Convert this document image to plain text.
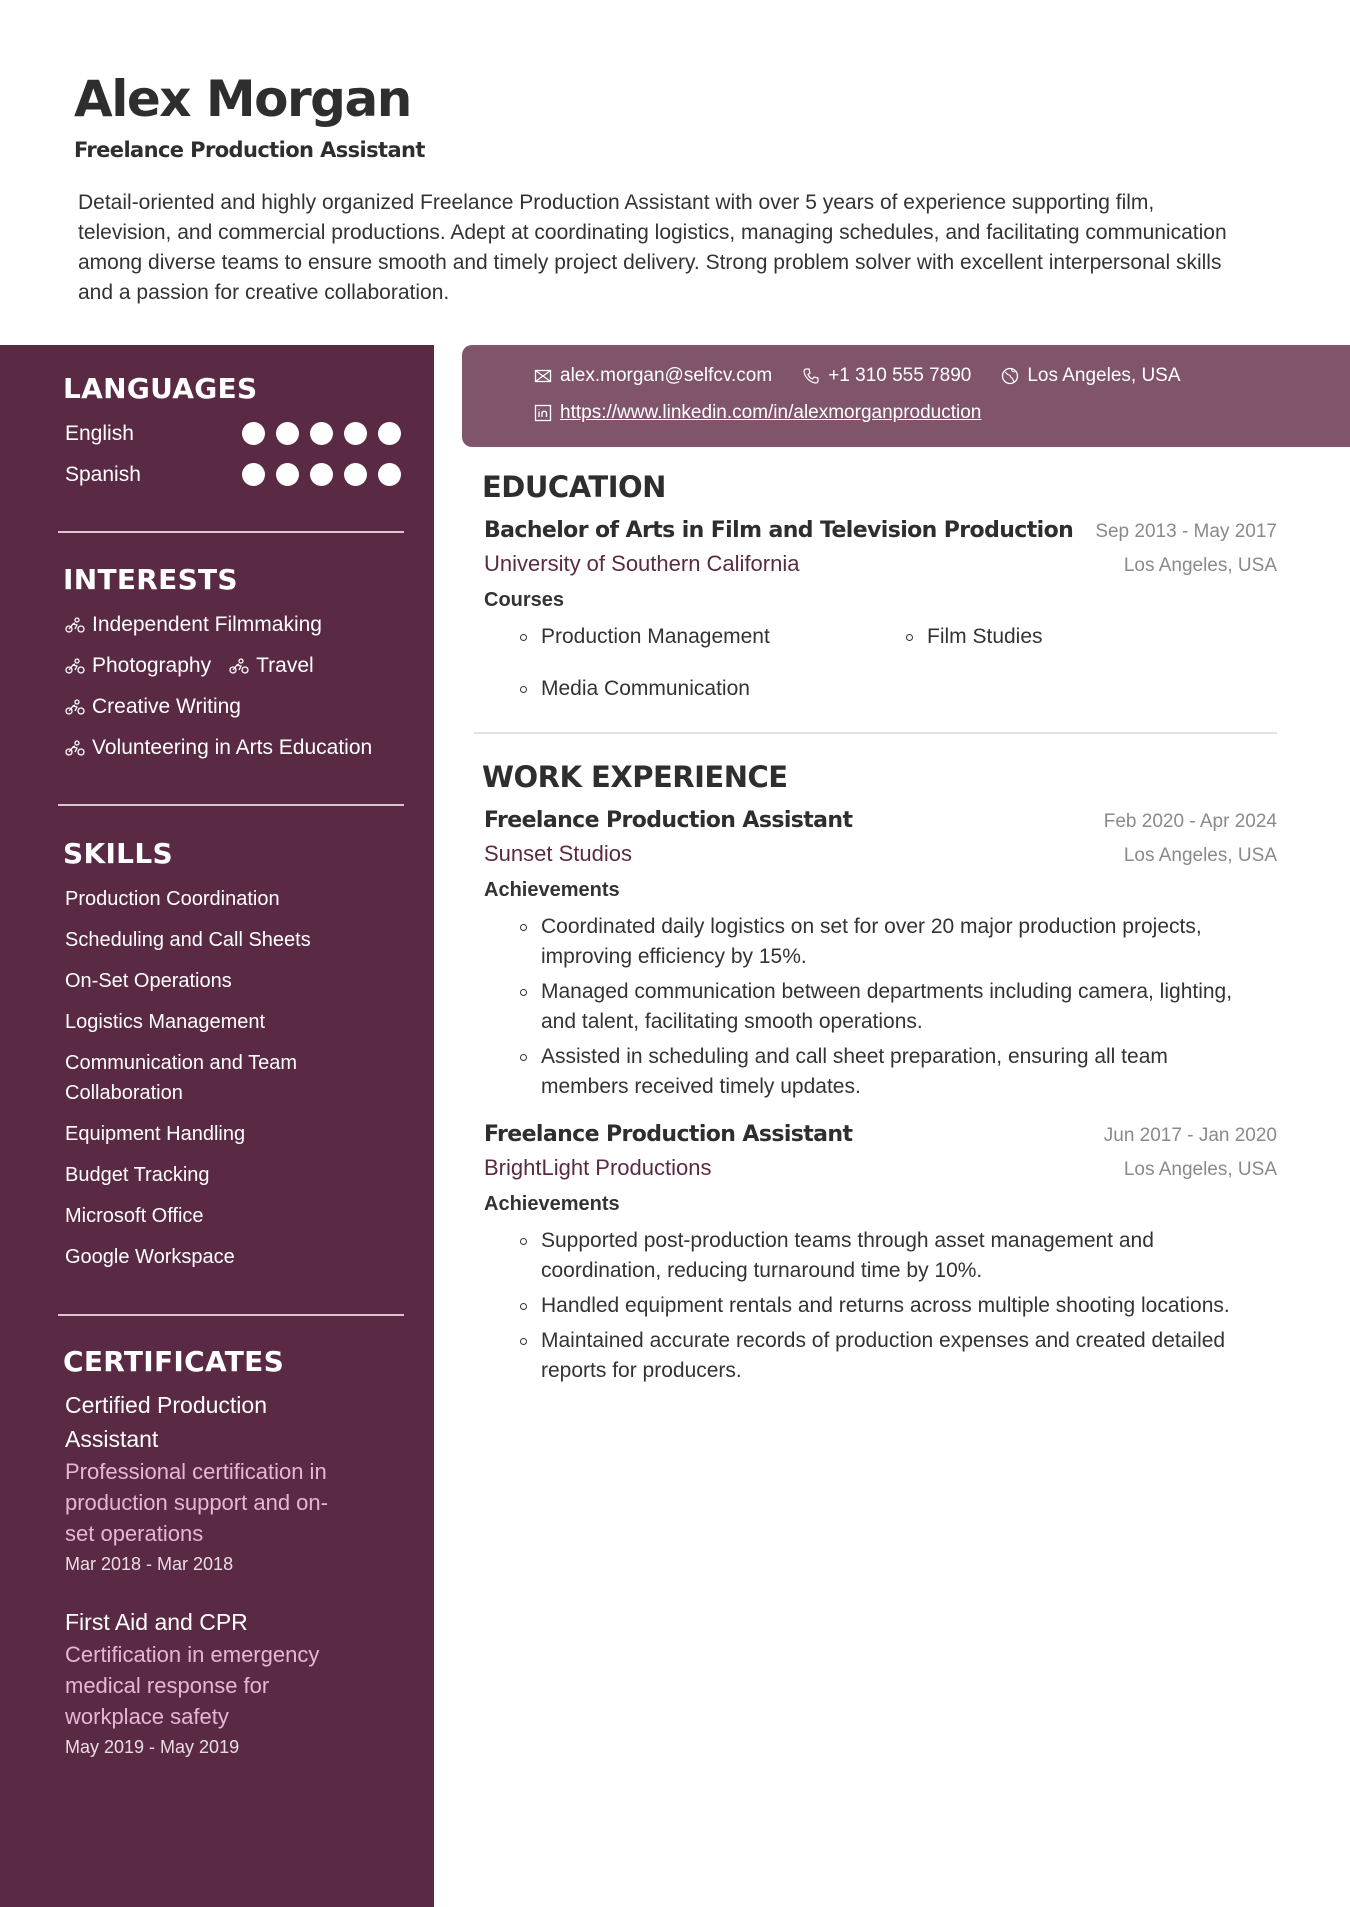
Alex Morgan
Freelance Production Assistant
Detail-oriented and highly organized Freelance Production Assistant with over 5 years of experience supporting film, television, and commercial productions. Adept at coordinating logistics, managing schedules, and facilitating communication among diverse teams to ensure smooth and timely project delivery. Strong problem solver with excellent interpersonal skills and a passion for creative collaboration.
LANGUAGES
English
Spanish
INTERESTS
Independent Filmmaking
Photography Travel
Creative Writing
Volunteering in Arts Education
SKILLS
Production Coordination
Scheduling and Call Sheets
On-Set Operations
Logistics Management
Communication and Team Collaboration
Equipment Handling
Budget Tracking
Microsoft Office
Google Workspace
CERTIFICATES
Certified Production Assistant
Professional certification in production support and on-set operations
Mar 2018 - Mar 2018
First Aid and CPR
Certification in emergency medical response for workplace safety
May 2019 - May 2019
alex.morgan@selfcv.com	+1 310 555 7890	Los Angeles, USA
https://www.linkedin.com/in/alexmorganproduction
EDUCATION
Bachelor of Arts in Film and Television Production Sep 2013 - May 2017
University of Southern California	Los Angeles, USA
Courses
Production Management	Film Studies
Media Communication
WORK EXPERIENCE
Freelance Production Assistant	Feb 2020 - Apr 2024
Sunset Studios	Los Angeles, USA
Achievements
Coordinated daily logistics on set for over 20 major production projects, improving efficiency by 15%.
Managed communication between departments including camera, lighting, and talent, facilitating smooth operations.
Assisted in scheduling and call sheet preparation, ensuring all team members received timely updates.
Freelance Production Assistant	Jun 2017 - Jan 2020
BrightLight Productions	Los Angeles, USA
Achievements
Supported post-production teams through asset management and coordination, reducing turnaround time by 10%.
Handled equipment rentals and returns across multiple shooting locations.
Maintained accurate records of production expenses and created detailed reports for producers.
